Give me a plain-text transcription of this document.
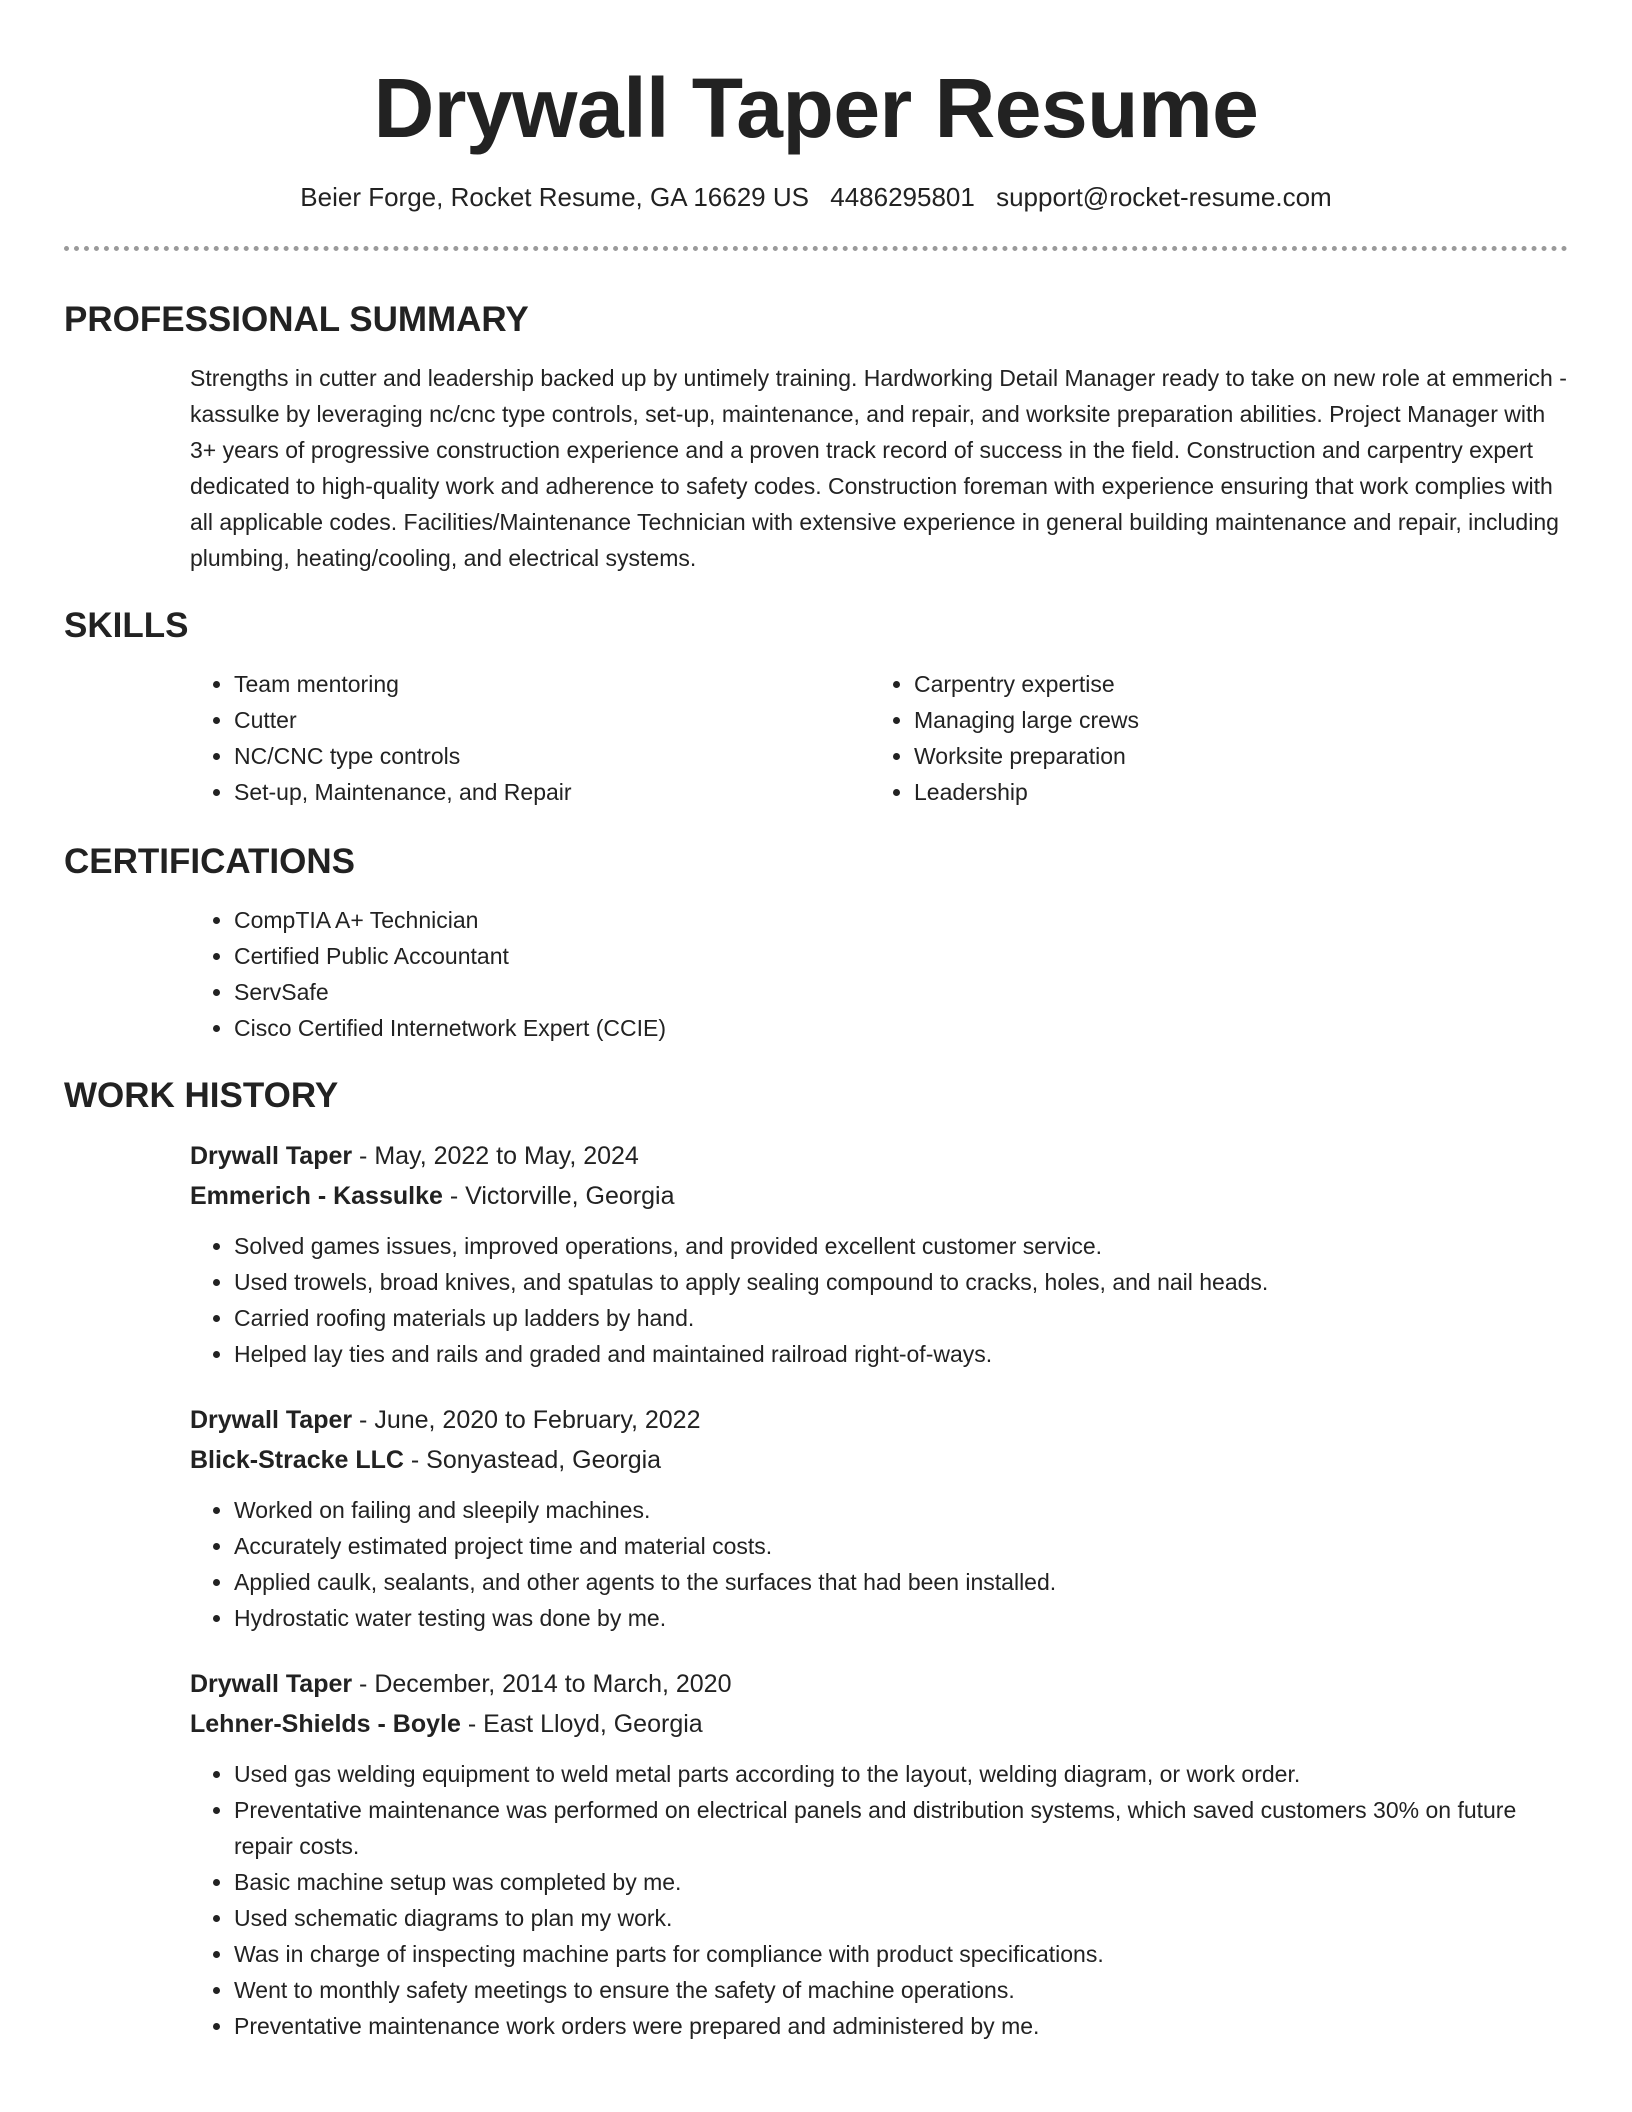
Drywall Taper Resume
Beier Forge, Rocket Resume, GA 16629 US 4486295801 support@rocket-resume.com
PROFESSIONAL SUMMARY
Strengths in cutter and leadership backed up by untimely training. Hardworking Detail Manager ready to take on new role at emmerich - kassulke by leveraging nc/cnc type controls, set-up, maintenance, and repair, and worksite preparation abilities. Project Manager with 3+ years of progressive construction experience and a proven track record of success in the field. Construction and carpentry expert dedicated to high-quality work and adherence to safety codes. Construction foreman with experience ensuring that work complies with all applicable codes. Facilities/Maintenance Technician with extensive experience in general building maintenance and repair, including plumbing, heating/cooling, and electrical systems.
SKILLS
• Team mentoring
• Cutter
• NC/CNC type controls
• Set-up, Maintenance, and Repair
• Carpentry expertise
• Managing large crews
• Worksite preparation
• Leadership
CERTIFICATIONS
• CompTIA A+ Technician
• Certified Public Accountant
• ServSafe
• Cisco Certified Internetwork Expert (CCIE)
WORK HISTORY
Drywall Taper - May, 2022 to May, 2024
Emmerich - Kassulke - Victorville, Georgia
• Solved games issues, improved operations, and provided excellent customer service.
• Used trowels, broad knives, and spatulas to apply sealing compound to cracks, holes, and nail heads.
• Carried roofing materials up ladders by hand.
• Helped lay ties and rails and graded and maintained railroad right-of-ways.
Drywall Taper - June, 2020 to February, 2022
Blick-Stracke LLC - Sonyastead, Georgia
• Worked on failing and sleepily machines.
• Accurately estimated project time and material costs.
• Applied caulk, sealants, and other agents to the surfaces that had been installed.
• Hydrostatic water testing was done by me.
Drywall Taper - December, 2014 to March, 2020
Lehner-Shields - Boyle - East Lloyd, Georgia
• Used gas welding equipment to weld metal parts according to the layout, welding diagram, or work order.
• Preventative maintenance was performed on electrical panels and distribution systems, which saved customers 30% on future repair costs.
• Basic machine setup was completed by me.
• Used schematic diagrams to plan my work.
• Was in charge of inspecting machine parts for compliance with product specifications.
• Went to monthly safety meetings to ensure the safety of machine operations.
• Preventative maintenance work orders were prepared and administered by me.
